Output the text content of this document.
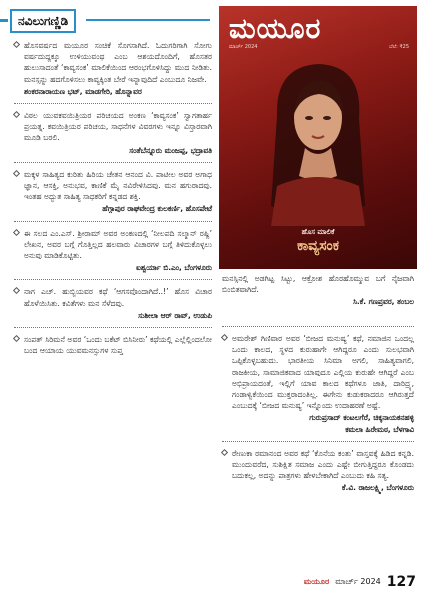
ನವಿಲುಗಣ್ಣಿಡಿ
ಹೊಸವರ್ಷದ ಮಯೂರ ಸಂಚಿಕೆ ಸೊಗಸಾಗಿದೆ. ಓದುಗರಿಗಾಗಿ ಸೋಗು ವರ್ಷದುದ್ದಕ್ಕೂ ಉಳಿಯುವಂಥ ಎಂಬ ಆಶಯದೊಂದಿಗೆ, ಹೊಸತರ ಹುಲುಸಾದಂತೆ ‘ಕಾವ್ಯಸಂಕ’ ಮಾಲಿಕೆಯಿಂದ ಆರಂಭಗೊಳಿಸಿದ್ದು ಮುದ ನೀಡಿತು. ಮನಸ್ಸನ್ನು ಹದಗೊಳಿಸಲು ಕಾವ್ಯಕ್ಕಿಂತ ಬೇರೆ ಇನ್ನಾವುದಿದೆ ಎಂಬುದೂ ನಿಜವೇ.
ಶಂಕರನಾರಾಯಣ ಭಟ್, ಮಾಡಗೇರಿ, ಹೊನ್ನಾವರ
ವಿಠಲ ಯುವಕವಯಿತ್ರಿಯರ ಪರಿಚಯದ ಅಂಕಣ ‘ಕಾವ್ಯಸಂಕ’ ಸ್ವಾಗತಾರ್ಹ ಪ್ರಯತ್ನ. ಕವಯಿತ್ರಿಯರ ಪರಿಚಯ, ಸಾಧನೆಗಳ ವಿವರಗಳು ಇನ್ನೂ ವಿಸ್ತಾರವಾಗಿ ಮೂಡಿ ಬರಲಿ.
ಸಂತೆಬೆನ್ನೂರು ಮಂಜಪ್ಪ, ಭದ್ರಾವತಿ
ಮಕ್ಕಳ ಸಾಹಿತ್ಯದ ಕುರಿತು ಹಿರಿಯ ಚೇತನ ಆನಂದ ವಿ. ಪಾಟೀಲ ಅವರ ಅಗಾಧ ಜ್ಞಾನ, ಆಸಕ್ತಿ, ಅನುಭವ, ಕಾಣಿಕೆ ಮೈ ನವಿರೇಳಿಸಿದವು. ಮನ ಹಗುರಾದವು. ಇಂತಹ ಅದ್ಭುತ ಸಾಹಿತ್ಯ ಸಾಧಕರಿಗೆ ಕನ್ನಡದ ಶಕ್ತಿ.
ಹೆಗ್ಗಾಪುರ ರಾಘವೇಂದ್ರ ಕುಲಕರ್ಣಿ, ಹೊಸಪೇಟೆ
ಈ ಸಲದ ಎಂ.ಎಸ್. ಶ್ರೀರಾಮ್ ಅವರ ಅಂಕಣದಲ್ಲಿ ‘ನೀಲಪದಿ ಸಲ್ಮಾನ್ ರಷ್ದಿ’ ಲೇಖನ, ಅವರ ಬಗ್ಗೆ ಗೊತ್ತಿಲ್ಲದ ಹಲವಾರು ವಿಚಾರಗಳ ಬಗ್ಗೆ ತಿಳಿದುಕೊಳ್ಳಲು ಅನುವು ಮಾಡಿಕೊಟ್ಟಿತು.
ಐಶ್ವರ್ಯಾ ಬಿ.ಎಂ, ಬೆಂಗಳೂರು
ನಾಗ ಎಚ್. ಹುಬ್ಬಿಯವರ ಕಥೆ ‘ಆಗಸವೊಂದಾಗಿದೆ..!’ ಹೊಸ ವಿಚಾರ ಹೊಳೆಯಿಸಿತು. ಕವಿತೆಗಳು ಮನ ಸೆಳೆದವು.
ಸುಶೀಲಾ ಆರ್ ರಾವ್, ಉಡುಪಿ
ಸಂಪತ್ ಸಿರಿಮನೆ ಅವರ ‘ಒಂದು ಬಕೆಟ್ ಬಿಸಿನೀರು’ ಕಥೆಯಲ್ಲಿ ಎಲ್ಲೆಲ್ಲಿಂದಲೋ ಬಂದ ಆಯಾಯ ಯುವಮನಸ್ಸುಗಳ ಸುಪ್ತ
ಮಯೂರ
ಮಾರ್ಚ್ 2024	ಬೆಲೆ: ₹25
ಹೊಸ ಮಾಲಿಕೆ
ಕಾವ್ಯಸಂಕ
ಮನಸ್ಸಿನಲ್ಲಿ ಅಡಗಿಟ್ಟ ಸಿಟ್ಟು, ಆಕ್ರೋಶ ಹೊರಹೊಮ್ಮುವ ಬಗೆ ನೈಜವಾಗಿ ಬಿಂಬಿತವಾಗಿದೆ.
ಸಿ.ಕೆ. ಗಣಪ್ರವರ, ತಂಬಲ
ಅಮರೇಶ್ ಗಿಣಿವಾರ ಅವರ ‘ಬೀಜದ ಮನುಷ್ಯ’ ಕಥೆ, ನಮಾಜಿನ ಒಂದಲ್ಲ ಒಂದು ಕಾಲದ, ಸ್ಥಳದ ಕುರುಹಾಗೇ ಆಗಿದ್ದರೂ ಎಂದು ಸುಲಭವಾಗಿ ಒಪ್ಪಿಕೊಳ್ಳಬಹುದು. ಭಾರತೀಯ ಸಿನಿಮಾ ಅಗಲಿ, ಸಾಹಿತ್ಯವಾಗಲಿ, ರಾಜಕೀಯ, ಸಾಮಾಜಿಕವಾದ ಯಾವುದೂ ಎಲ್ಲಿಯ ಕುರುಹೇ ಆಗಿದ್ದರೆ ಎಂಬ ಅಭಿಪ್ರಾಯದಂತೆ, ಇಲ್ಲಿಗೆ ಯಾವ ಕಾಲದ ಕಥೆಗಳೂ ಜಾತಿ, ದಾರಿದ್ರ್ಯ, ಗಂಡಾಳ್ವಿಕೆಯಿಂದ ಮುಕ್ತರಾದಂತಿಲ್ಲ. ಈಗೇನು ಕುಡುಕರಾದರೂ ಆಗಿರುತ್ತದೆ ಎಂಬುದಕ್ಕೆ ‘ಬೀಜದ ಮನುಷ್ಯ’ ಇನ್ನೊಂದು ಉದಾಹರಣೆ ಅಷ್ಟೆ.
ಗುರುಪ್ರಸಾದ್ ಕಂಟಲಗೆರೆ, ಚಿಕ್ಕನಾಯಕನಹಳ್ಳಿ
ಕಮಲಾ ಹಿರೇಮಠ, ಬೆಳಗಾವಿ
ರೇಣುಕಾ ರಮಾನಂದ ಅವರ ಕಥೆ ‘ಕೊನೆಯ ಕಂತು’ ವಾಸ್ತವಕ್ಕೆ ಹಿಡಿದ ಕನ್ನಡಿ. ಮುಂದುವರೆದ, ಸುಶಿಕ್ಷಿತ ಸಮಾಜ ಎಂದು ಎಷ್ಟೇ ಬೀಗುತ್ತಿದ್ದರೂ ಕೊಂಡದು ಬದುಕಲ್ಲ, ಅದನ್ನು ಪಾತ್ರಗಳು ಹೇಳಬೇಕಾಗಿದೆ ಎಂಬುದು ಕಹಿ ಸತ್ಯ.
ಕೆ.ವಿ. ರಾಜಲಕ್ಷ್ಮಿ, ಬೆಂಗಳೂರು
ಮಯೂರ ಮಾರ್ಚ್ 2024 127
